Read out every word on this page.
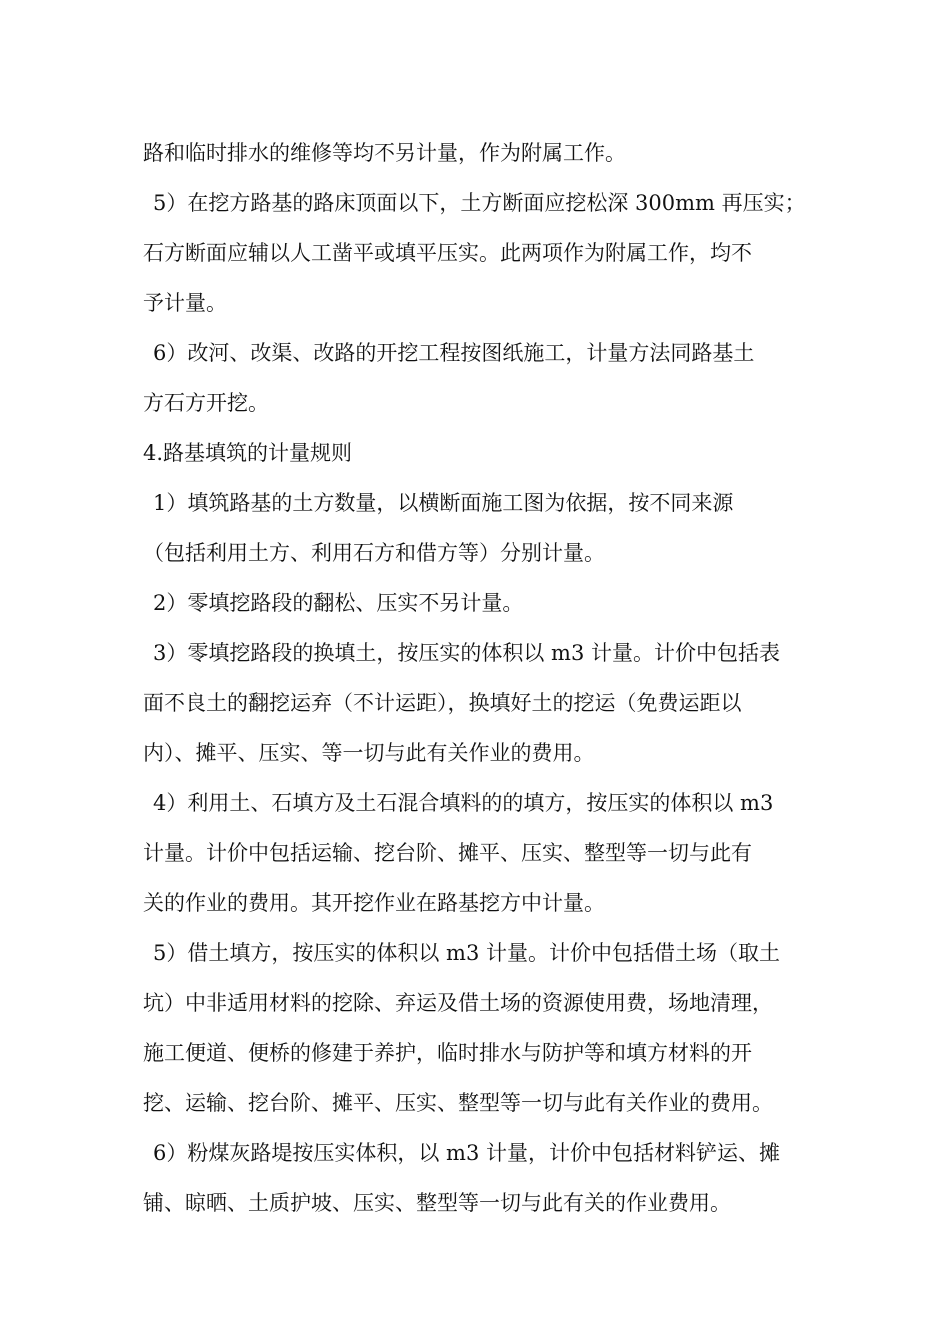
路和临时排水的维修等均不另计量，作为附属工作。
5）在挖方路基的路床顶面以下，土方断面应挖松深 300mm 再压实；
石方断面应辅以人工凿平或填平压实。此两项作为附属工作，均不
予计量。
6）改河、改渠、改路的开挖工程按图纸施工，计量方法同路基土
方石方开挖。
4.路基填筑的计量规则
1）填筑路基的土方数量，以横断面施工图为依据，按不同来源
（包括利用土方、利用石方和借方等）分别计量。
2）零填挖路段的翻松、压实不另计量。
3）零填挖路段的换填土，按压实的体积以 m3 计量。计价中包括表
面不良土的翻挖运弃（不计运距），换填好土的挖运（免费运距以
内）、摊平、压实、等一切与此有关作业的费用。
4）利用土、石填方及土石混合填料的的填方，按压实的体积以 m3
计量。计价中包括运输、挖台阶、摊平、压实、整型等一切与此有
关的作业的费用。其开挖作业在路基挖方中计量。
5）借土填方，按压实的体积以 m3 计量。计价中包括借土场（取土
坑）中非适用材料的挖除、弃运及借土场的资源使用费，场地清理，
施工便道、便桥的修建于养护，临时排水与防护等和填方材料的开
挖、运输、挖台阶、摊平、压实、整型等一切与此有关作业的费用。
6）粉煤灰路堤按压实体积，以 m3 计量，计价中包括材料铲运、摊
铺、晾晒、土质护坡、压实、整型等一切与此有关的作业费用。
